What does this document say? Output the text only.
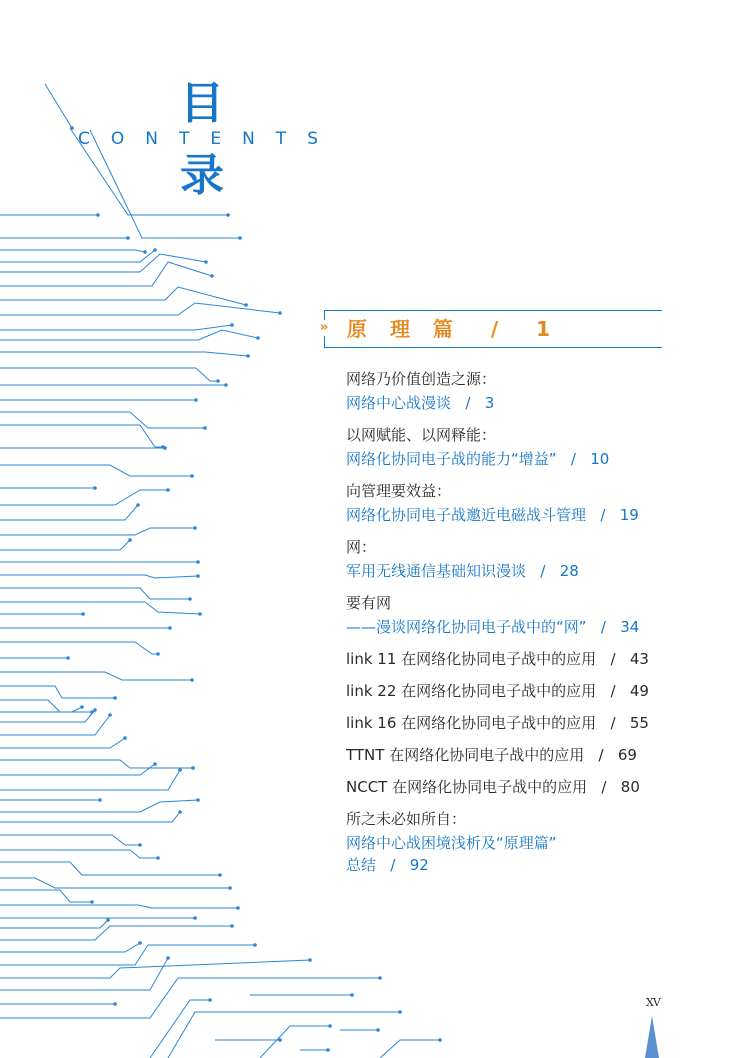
目
CONTENTS
录
» 原 理 篇  /  1
网络乃价值创造之源：
网络中心战漫谈   /   3
以网赋能、以网释能：
网络化协同电子战的能力“增益”   /   10
向管理要效益：
网络化协同电子战邀近电磁战斗管理   /   19
网：
军用无线通信基础知识漫谈   /   28
要有网
——漫谈网络化协同电子战中的“网”   /   34
link 11 在网络化协同电子战中的应用   /   43
link 22 在网络化协同电子战中的应用   /   49
link 16 在网络化协同电子战中的应用   /   55
TTNT 在网络化协同电子战中的应用   /   69
NCCT 在网络化协同电子战中的应用   /   80
所之未必如所自：
网络中心战困境浅析及“原理篇”
总结   /   92
XV
